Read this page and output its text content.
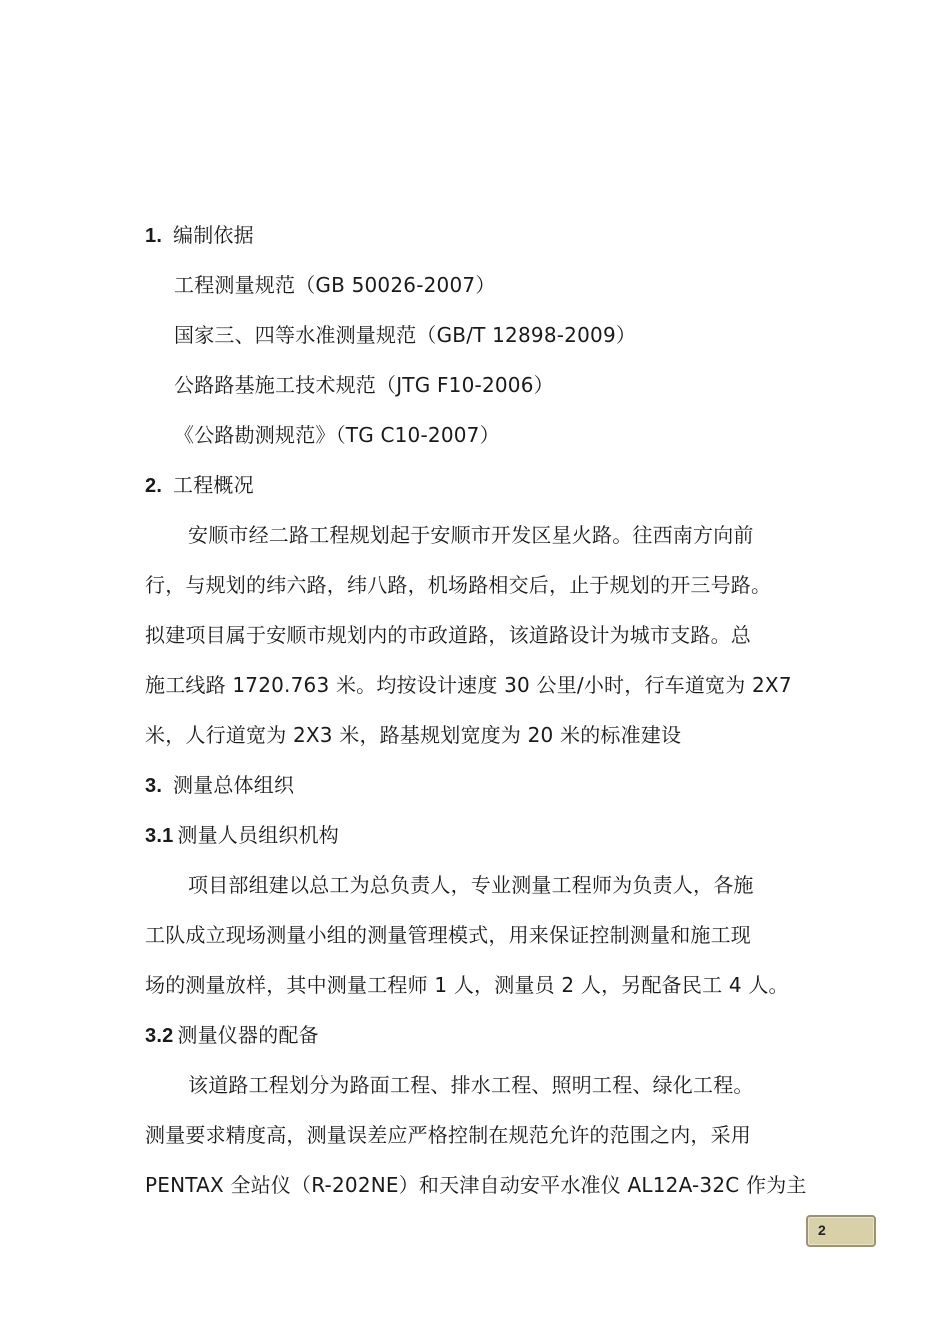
1. 编制依据
工程测量规范（GB 50026-2007）
国家三、四等水准测量规范（GB/T 12898-2009）
公路路基施工技术规范（JTG F10-2006）
《公路勘测规范》（TG C10-2007）
2. 工程概况
安顺市经二路工程规划起于安顺市开发区星火路。往西南方向前
行，与规划的纬六路，纬八路，机场路相交后，止于规划的开三号路。
拟建项目属于安顺市规划内的市政道路，该道路设计为城市支路。总
施工线路 1720.763 米。均按设计速度 30 公里/小时，行车道宽为 2X7
米，人行道宽为 2X3 米，路基规划宽度为 20 米的标准建设
3. 测量总体组织
3.1 测量人员组织机构
项目部组建以总工为总负责人，专业测量工程师为负责人，各施
工队成立现场测量小组的测量管理模式，用来保证控制测量和施工现
场的测量放样，其中测量工程师 1 人，测量员 2 人，另配备民工 4 人。
3.2 测量仪器的配备
该道路工程划分为路面工程、排水工程、照明工程、绿化工程。
测量要求精度高，测量误差应严格控制在规范允许的范围之内，采用
PENTAX 全站仪（R-202NE）和天津自动安平水准仪 AL12A-32C 作为主
2
